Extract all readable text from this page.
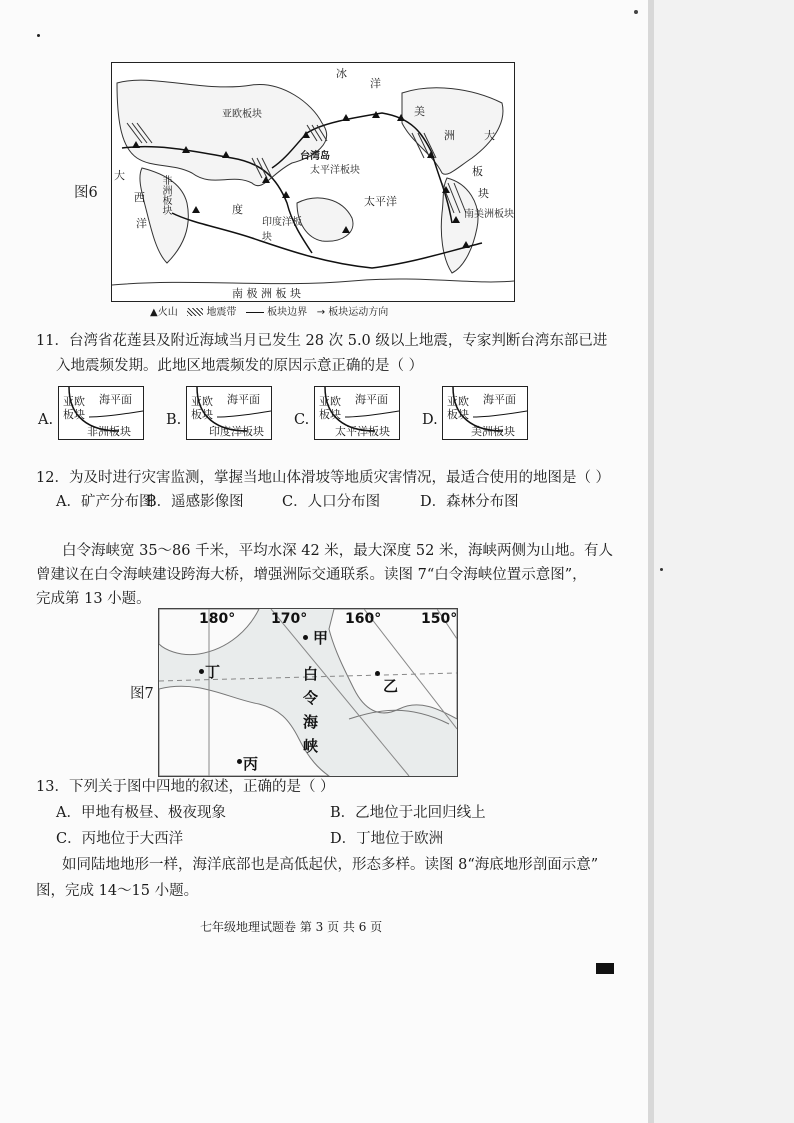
图6
冰
洋
亚欧板块
台湾岛
太平洋板块
美
洲	大
板
块
南美洲板块
非洲板块
大
西
洋
度
印度洋板块
太平洋
南 极 洲 板 块
▲火山	地震带	板块边界 → 板块运动方向
11．台湾省花莲县及附近海域当月已发生 28 次 5.0 级以上地震，专家判断台湾东部已进
入地震频发期。此地区地震频发的原因示意正确的是（ ）
A.
亚欧板块
海平面
非洲板块
B.
亚欧板块
海平面
印度洋板块
C.
亚欧板块
海平面
太平洋板块
D.
亚欧板块
海平面
美洲板块
12．为及时进行灾害监测，掌握当地山体滑坡等地质灾害情况，最适合使用的地图是（ ）
A．矿产分布图
B．遥感影像图	C．人口分布图	D．森林分布图
白令海峡宽 35～86 千米，平均水深 42 米，最大深度 52 米，海峡两侧为山地。有人
曾建议在白令海峡建设跨海大桥，增强洲际交通联系。读图 7“白令海峡位置示意图”，
完成第 13 小题。
图7
180°	170°	160°	150°
甲
丁
乙
丙
白
令
海
峡
13．下列关于图中四地的叙述，正确的是（ ）
A．甲地有极昼、极夜现象	B．乙地位于北回归线上
C．丙地位于大西洋	D．丁地位于欧洲
如同陆地地形一样，海洋底部也是高低起伏，形态多样。读图 8“海底地形剖面示意”
图，完成 14～15 小题。
七年级地理试题卷 第 3 页 共 6 页
